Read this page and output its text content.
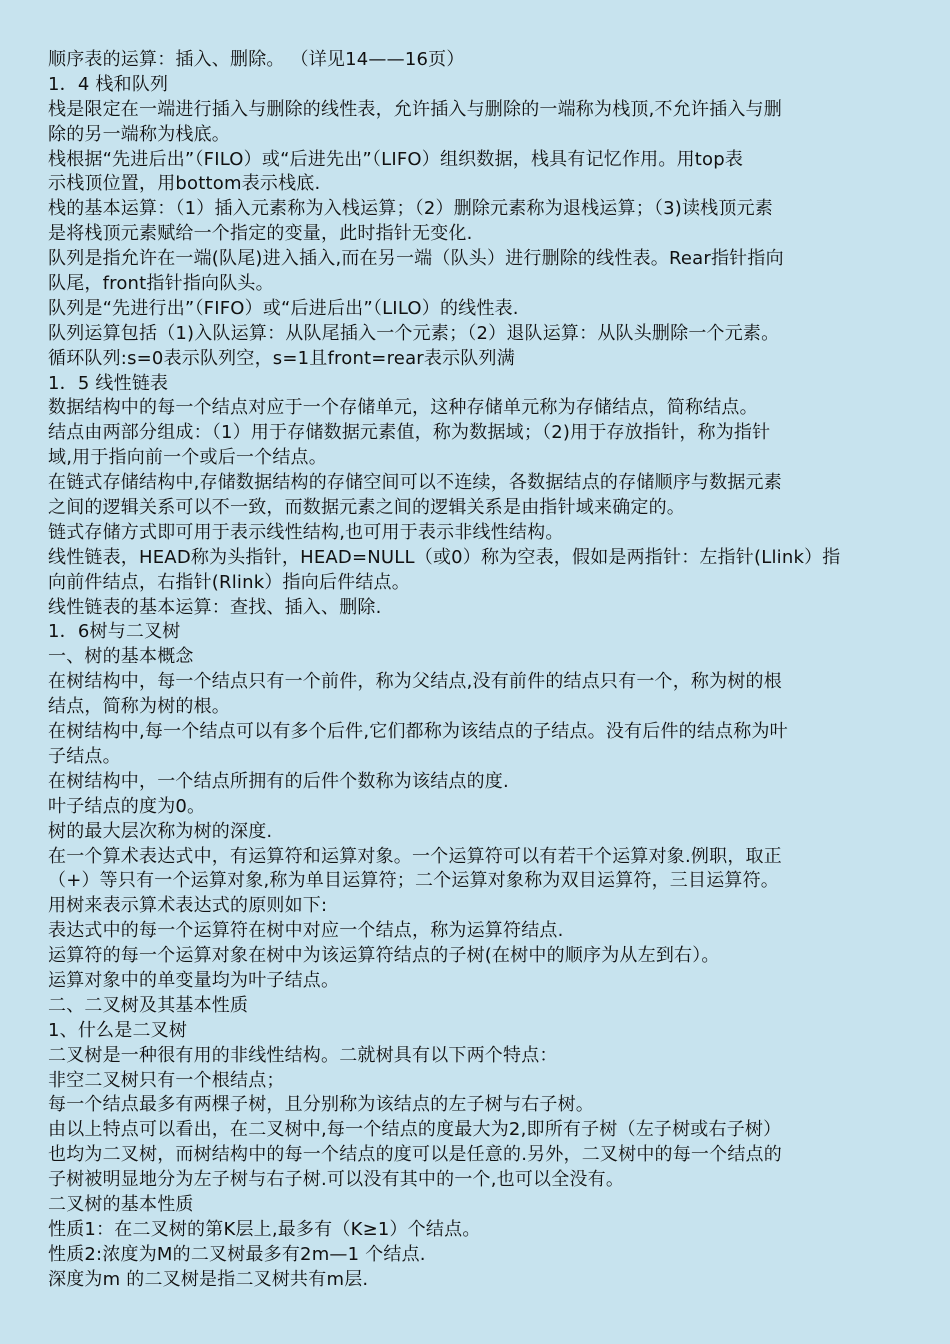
顺序表的运算：插入、删除。 （详见14——16页）
1．4 栈和队列
栈是限定在一端进行插入与删除的线性表，允许插入与删除的一端称为栈顶,不允许插入与删
除的另一端称为栈底。
栈根据“先进后出”（FILO）或“后进先出”（LIFO）组织数据，栈具有记忆作用。用top表
示栈顶位置，用bottom表示栈底.
栈的基本运算：（1）插入元素称为入栈运算；（2）删除元素称为退栈运算；（3)读栈顶元素
是将栈顶元素赋给一个指定的变量，此时指针无变化.
队列是指允许在一端(队尾)进入插入,而在另一端（队头）进行删除的线性表。Rear指针指向
队尾，front指针指向队头。
队列是“先进行出”（FIFO）或“后进后出”（LILO）的线性表.
队列运算包括（1)入队运算：从队尾插入一个元素；（2）退队运算：从队头删除一个元素。
循环队列:s=0表示队列空，s=1且front=rear表示队列满
1．5 线性链表
数据结构中的每一个结点对应于一个存储单元，这种存储单元称为存储结点，简称结点。
结点由两部分组成：（1）用于存储数据元素值，称为数据域；（2)用于存放指针，称为指针
域,用于指向前一个或后一个结点。
在链式存储结构中,存储数据结构的存储空间可以不连续，各数据结点的存储顺序与数据元素
之间的逻辑关系可以不一致，而数据元素之间的逻辑关系是由指针域来确定的。
链式存储方式即可用于表示线性结构,也可用于表示非线性结构。
线性链表，HEAD称为头指针，HEAD=NULL（或0）称为空表，假如是两指针：左指针(Llink）指
向前件结点，右指针(Rlink）指向后件结点。
线性链表的基本运算：查找、插入、删除.
1．6树与二叉树
一、树的基本概念
在树结构中，每一个结点只有一个前件，称为父结点,没有前件的结点只有一个，称为树的根
结点，简称为树的根。
在树结构中,每一个结点可以有多个后件,它们都称为该结点的子结点。没有后件的结点称为叶
子结点。
在树结构中，一个结点所拥有的后件个数称为该结点的度.
叶子结点的度为0。
树的最大层次称为树的深度.
在一个算术表达式中，有运算符和运算对象。一个运算符可以有若干个运算对象.例职，取正
（+）等只有一个运算对象,称为单目运算符；二个运算对象称为双目运算符，三目运算符。
用树来表示算术表达式的原则如下:
表达式中的每一个运算符在树中对应一个结点，称为运算符结点.
运算符的每一个运算对象在树中为该运算符结点的子树(在树中的顺序为从左到右）。
运算对象中的单变量均为叶子结点。
二、二叉树及其基本性质
1、什么是二叉树
二叉树是一种很有用的非线性结构。二就树具有以下两个特点：
非空二叉树只有一个根结点；
每一个结点最多有两棵子树，且分别称为该结点的左子树与右子树。
由以上特点可以看出，在二叉树中,每一个结点的度最大为2,即所有子树（左子树或右子树）
也均为二叉树，而树结构中的每一个结点的度可以是任意的.另外，二叉树中的每一个结点的
子树被明显地分为左子树与右子树.可以没有其中的一个,也可以全没有。
二叉树的基本性质
性质1：在二叉树的第K层上,最多有（K≥1）个结点。
性质2:浓度为M的二叉树最多有2m—1 个结点.
深度为m 的二叉树是指二叉树共有m层.
